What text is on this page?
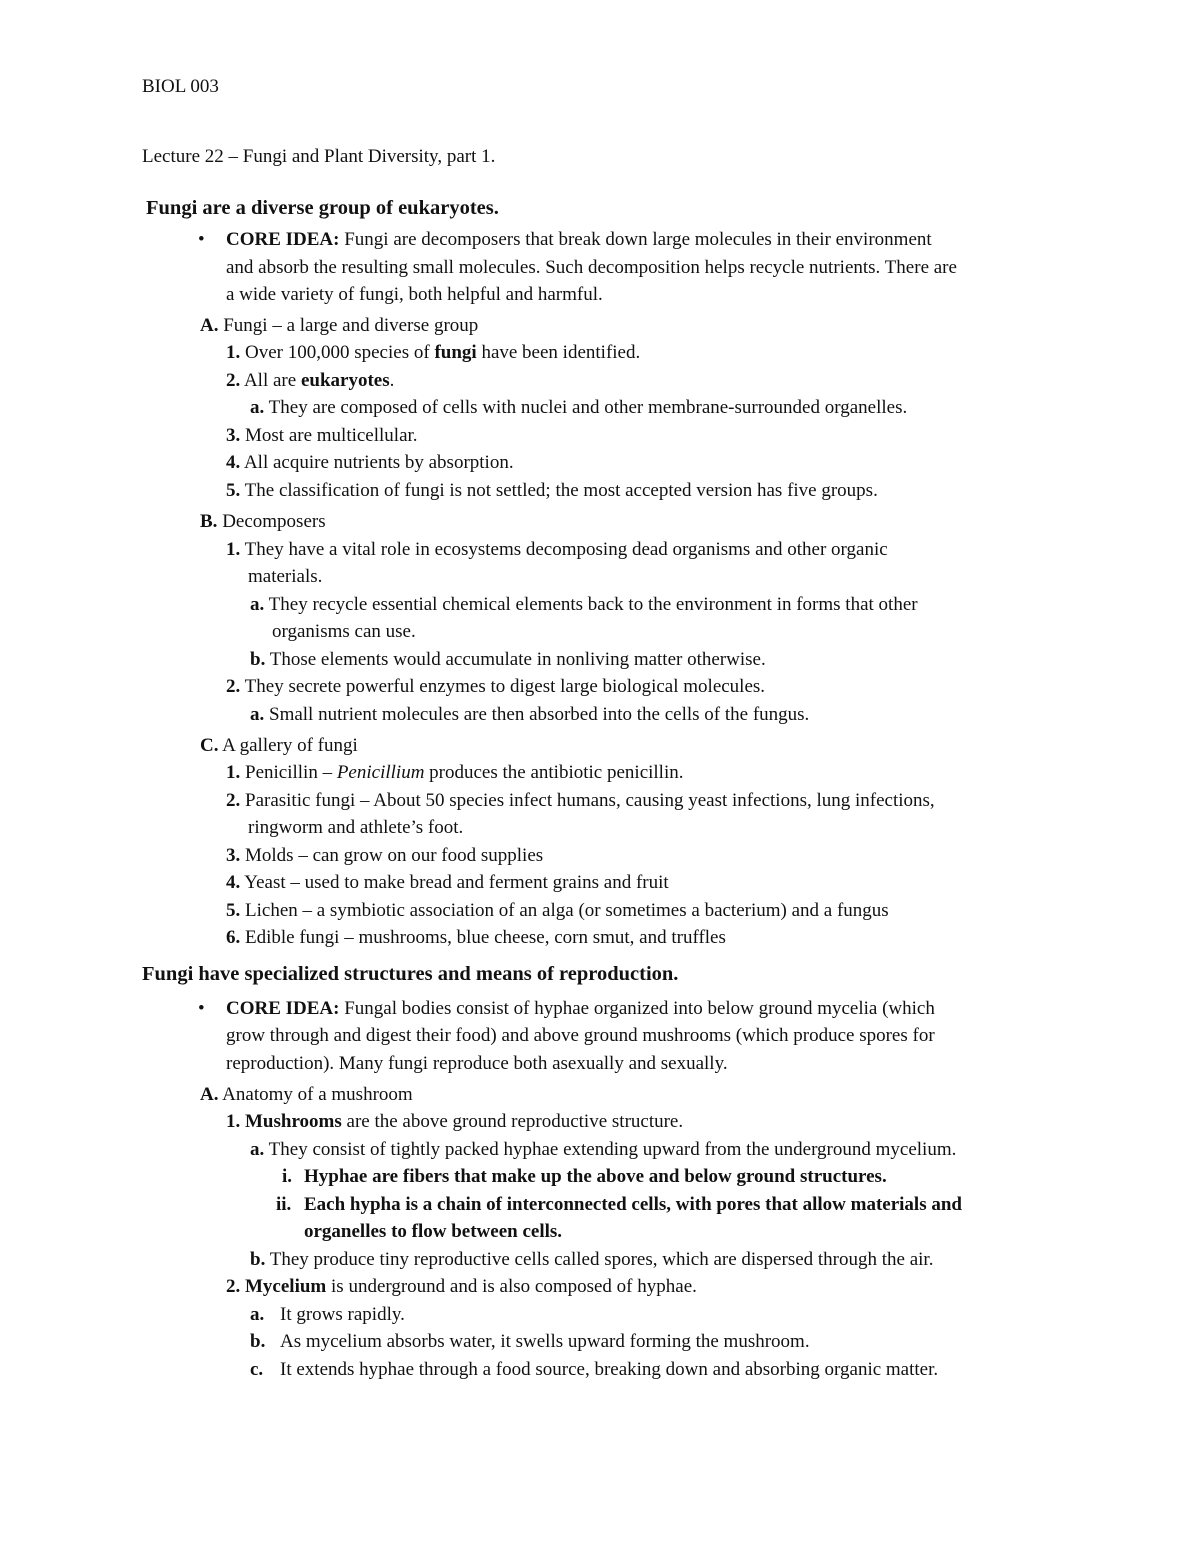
BIOL 003
Lecture 22 – Fungi and Plant Diversity, part 1.
Fungi are a diverse group of eukaryotes.
• CORE IDEA: Fungi are decomposers that break down large molecules in their environment
and absorb the resulting small molecules. Such decomposition helps recycle nutrients. There are
a wide variety of fungi, both helpful and harmful.
A. Fungi – a large and diverse group
1. Over 100,000 species of fungi have been identified.
2. All are eukaryotes.
a. They are composed of cells with nuclei and other membrane-surrounded organelles.
3. Most are multicellular.
4. All acquire nutrients by absorption.
5. The classification of fungi is not settled; the most accepted version has five groups.
B. Decomposers
1. They have a vital role in ecosystems decomposing dead organisms and other organic
materials.
a. They recycle essential chemical elements back to the environment in forms that other
organisms can use.
b. Those elements would accumulate in nonliving matter otherwise.
2. They secrete powerful enzymes to digest large biological molecules.
a. Small nutrient molecules are then absorbed into the cells of the fungus.
C. A gallery of fungi
1. Penicillin – Penicillium produces the antibiotic penicillin.
2. Parasitic fungi – About 50 species infect humans, causing yeast infections, lung infections,
ringworm and athlete’s foot.
3. Molds – can grow on our food supplies
4. Yeast – used to make bread and ferment grains and fruit
5. Lichen – a symbiotic association of an alga (or sometimes a bacterium) and a fungus
6. Edible fungi – mushrooms, blue cheese, corn smut, and truffles
Fungi have specialized structures and means of reproduction.
• CORE IDEA: Fungal bodies consist of hyphae organized into below ground mycelia (which
grow through and digest their food) and above ground mushrooms (which produce spores for
reproduction). Many fungi reproduce both asexually and sexually.
A. Anatomy of a mushroom
1. Mushrooms are the above ground reproductive structure.
a. They consist of tightly packed hyphae extending upward from the underground mycelium.
i. Hyphae are fibers that make up the above and below ground structures.
ii. Each hypha is a chain of interconnected cells, with pores that allow materials and
organelles to flow between cells.
b. They produce tiny reproductive cells called spores, which are dispersed through the air.
2. Mycelium is underground and is also composed of hyphae.
a. It grows rapidly.
b. As mycelium absorbs water, it swells upward forming the mushroom.
c. It extends hyphae through a food source, breaking down and absorbing organic matter.
